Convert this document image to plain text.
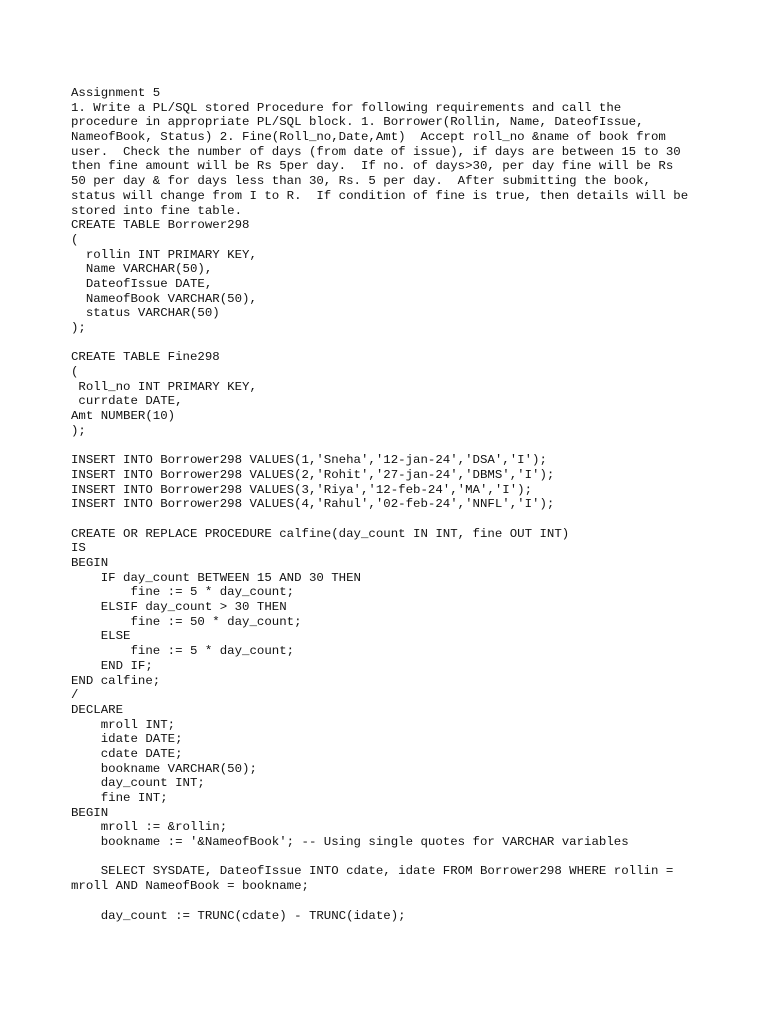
Assignment 5
1. Write a PL/SQL stored Procedure for following requirements and call the
procedure in appropriate PL/SQL block. 1. Borrower(Rollin, Name, DateofIssue,
NameofBook, Status) 2. Fine(Roll_no,Date,Amt)  Accept roll_no &name of book from
user.  Check the number of days (from date of issue), if days are between 15 to 30
then fine amount will be Rs 5per day.  If no. of days>30, per day fine will be Rs
50 per day & for days less than 30, Rs. 5 per day.  After submitting the book,
status will change from I to R.  If condition of fine is true, then details will be
stored into fine table.
CREATE TABLE Borrower298
(
rollin INT PRIMARY KEY,
Name VARCHAR(50),
DateofIssue DATE,
NameofBook VARCHAR(50),
status VARCHAR(50)
);
CREATE TABLE Fine298
(
Roll_no INT PRIMARY KEY,
currdate DATE,
Amt NUMBER(10)
);
INSERT INTO Borrower298 VALUES(1,'Sneha','12-jan-24','DSA','I');
INSERT INTO Borrower298 VALUES(2,'Rohit','27-jan-24','DBMS','I');
INSERT INTO Borrower298 VALUES(3,'Riya','12-feb-24','MA','I');
INSERT INTO Borrower298 VALUES(4,'Rahul','02-feb-24','NNFL','I');
CREATE OR REPLACE PROCEDURE calfine(day_count IN INT, fine OUT INT)
IS
BEGIN
IF day_count BETWEEN 15 AND 30 THEN
fine := 5 * day_count;
ELSIF day_count > 30 THEN
fine := 50 * day_count;
ELSE
fine := 5 * day_count;
END IF;
END calfine;
/
DECLARE
mroll INT;
idate DATE;
cdate DATE;
bookname VARCHAR(50);
day_count INT;
fine INT;
BEGIN
mroll := &rollin;
bookname := '&NameofBook'; -- Using single quotes for VARCHAR variables
SELECT SYSDATE, DateofIssue INTO cdate, idate FROM Borrower298 WHERE rollin =
mroll AND NameofBook = bookname;
day_count := TRUNC(cdate) - TRUNC(idate);
